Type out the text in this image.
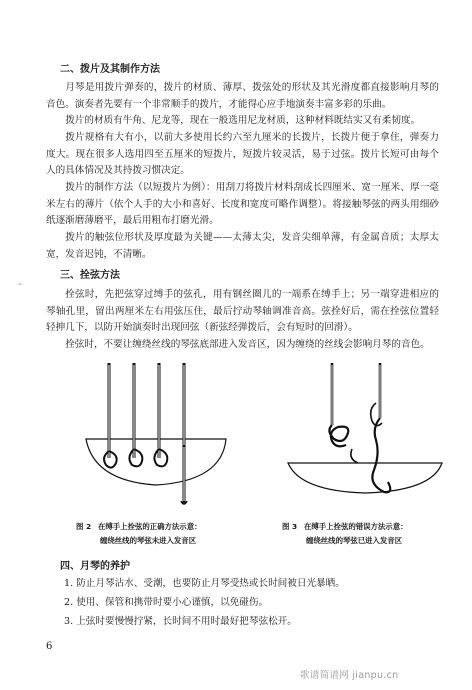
二、拨片及其制作方法

月琴是用拨片弹奏的，拨片的材质、薄厚、拨弦处的形状及其光滑度都直接影响月琴的音色。演奏者先要有一个非常顺手的拨片，才能得心应手地演奏丰富多彩的乐曲。

拨片的材质有牛角、尼龙等，现在一般选用尼龙材质，这种材料既结实又有柔韧度。

拨片规格有大有小，以前大多使用长约六至九厘米的长拨片，长拨片便于拿住，弹奏力度大。现在很多人选用四至五厘米的短拨片，短拨片较灵活，易于过弦。拨片长短可由每个人的具体情况及其持拨习惯决定。

拨片的制作方法（以短拨片为例）：用刮刀将拨片材料刮成长四厘米、宽一厘米、厚一毫米左右的薄片（依个人手的大小和喜好、长度和宽度可略作调整）。将接触琴弦的两头用细砂纸逐渐磨薄磨平，最后用粗布打磨光滑。

拨片的触弦位形状及厚度最为关键——太薄太尖，发音尖细单薄，有金属音质；太厚太宽，发音迟钝，不清晰。

˘
三、拴弦方法

拴弦时，先把弦穿过缚手的弦孔，用有钢丝圈儿的一端系在缚手上；另一端穿进相应的琴轴孔里，留出两厘米左右用弦压住，最后拧动琴轴调准音高。弦拴好后，需在拴弦位置轻轻抻几下，以防开始演奏时出现回弦（新弦经弹拨后，会有短时的回滑）。

拴弦时，不要让缠绕丝线的琴弦底部进入发音区，因为缠绕的丝线会影响月琴的音色。

图 2 在缚手上拴弦的正确方法示意：
缠绕丝线的琴弦未进入发音区
图 3 在缚手上拴弦的错误方法示意：
缠绕丝线的琴弦已进入发音区
四、月琴的养护

1. 防止月琴沾水、受潮，也要防止月琴受热或长时间被日光暴晒。

2. 使用、保管和携带时要小心谨慎，以免碰伤。

3. 上弦时要慢慢拧紧，长时间不用时最好把琴弦松开。

6
歌谱简谱网 jianpu.cn
